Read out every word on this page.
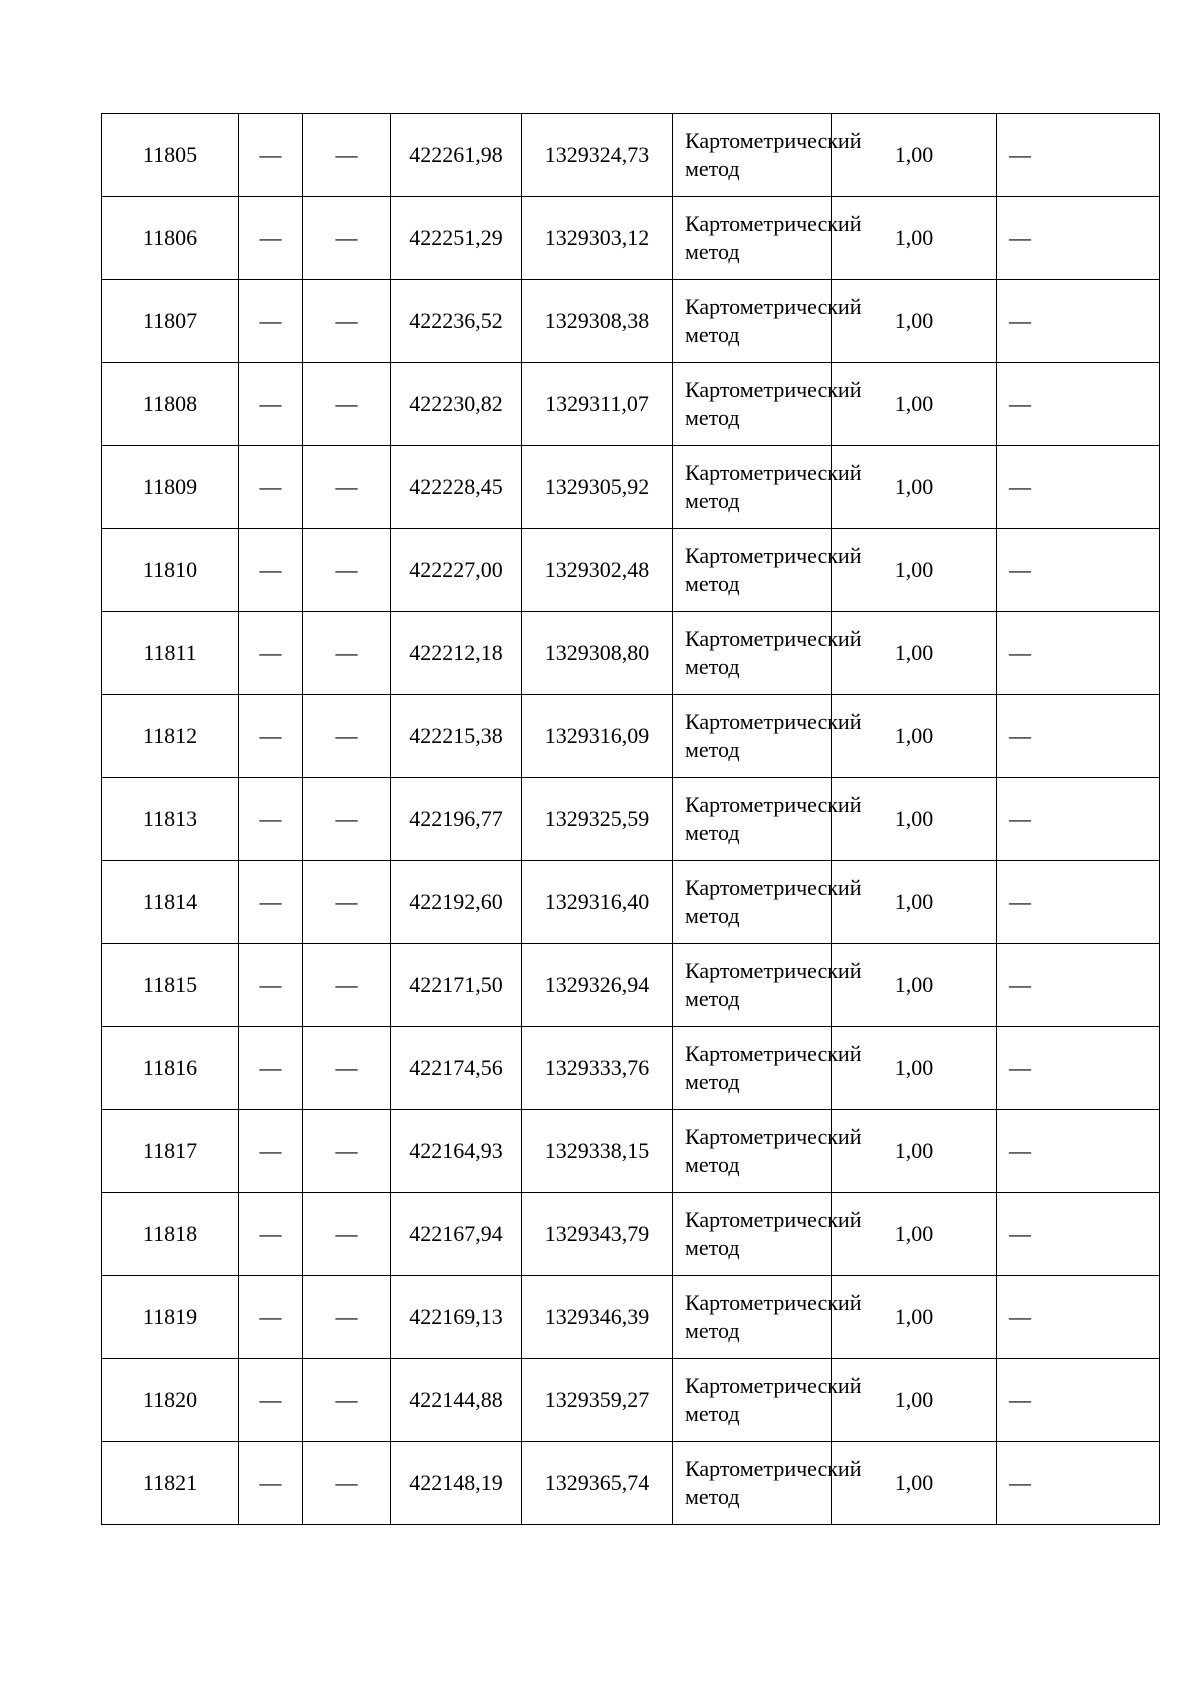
11805	—	—	422261,98	1329324,73	Картометрический метод	1,00	—
11806	—	—	422251,29	1329303,12	Картометрический метод	1,00	—
11807	—	—	422236,52	1329308,38	Картометрический метод	1,00	—
11808	—	—	422230,82	1329311,07	Картометрический метод	1,00	—
11809	—	—	422228,45	1329305,92	Картометрический метод	1,00	—
11810	—	—	422227,00	1329302,48	Картометрический метод	1,00	—
11811	—	—	422212,18	1329308,80	Картометрический метод	1,00	—
11812	—	—	422215,38	1329316,09	Картометрический метод	1,00	—
11813	—	—	422196,77	1329325,59	Картометрический метод	1,00	—
11814	—	—	422192,60	1329316,40	Картометрический метод	1,00	—
11815	—	—	422171,50	1329326,94	Картометрический метод	1,00	—
11816	—	—	422174,56	1329333,76	Картометрический метод	1,00	—
11817	—	—	422164,93	1329338,15	Картометрический метод	1,00	—
11818	—	—	422167,94	1329343,79	Картометрический метод	1,00	—
11819	—	—	422169,13	1329346,39	Картометрический метод	1,00	—
11820	—	—	422144,88	1329359,27	Картометрический метод	1,00	—
11821	—	—	422148,19	1329365,74	Картометрический метод	1,00	—
